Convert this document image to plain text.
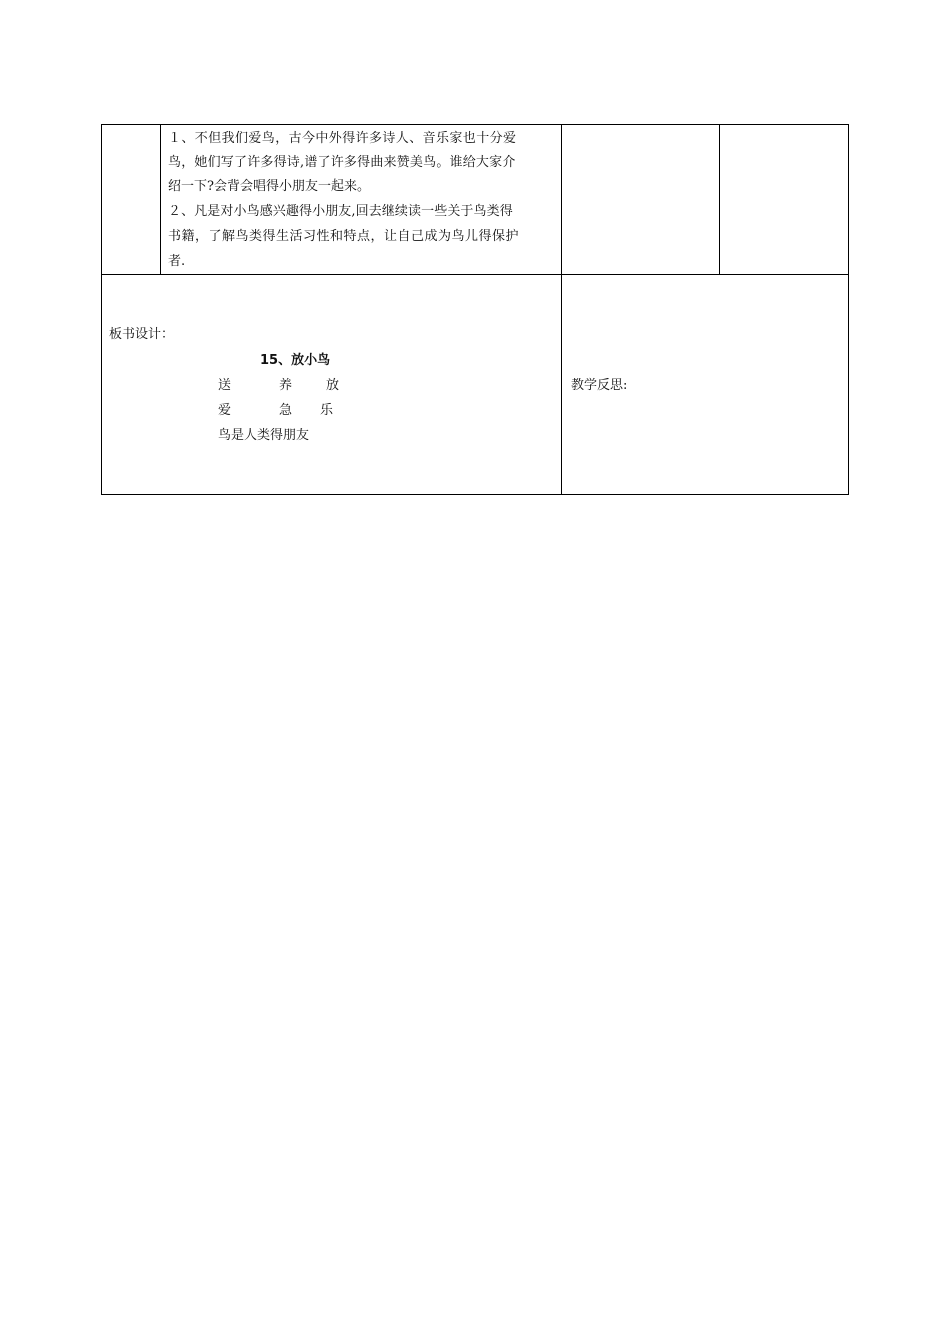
１、不但我们爱鸟，古今中外得许多诗人、音乐家也十分爱
鸟，她们写了许多得诗,谱了许多得曲来赞美鸟。谁给大家介
绍一下?会背会唱得小朋友一起来。
２、凡是对小鸟感兴趣得小朋友,回去继续读一些关于鸟类得
书籍，了解鸟类得生活习性和特点，让自己成为鸟儿得保护
者.
板书设计：
15、放小鸟
送	养	放
爱	急 乐
鸟是人类得朋友
教学反思:
